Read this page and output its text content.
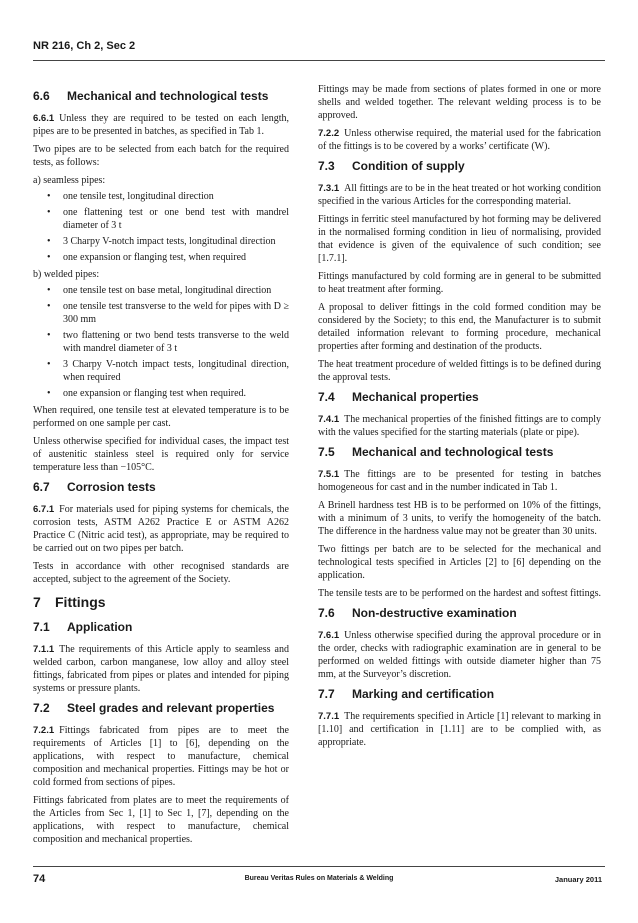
NR 216, Ch 2, Sec 2
6.6	Mechanical and technological tests

6.6.1 Unless they are required to be tested on each length, pipes are to be presented in batches, as specified in Tab 1.

Two pipes are to be selected from each batch for the required tests, as follows:

a) seamless pipes:
• one tensile test, longitudinal direction
• one flattening test or one bend test with mandrel diameter of 3 t
• 3 Charpy V-notch impact tests, longitudinal direction
• one expansion or flanging test, when required
b) welded pipes:
• one tensile test on base metal, longitudinal direction
• one tensile test transverse to the weld for pipes with D ≥ 300 mm
• two flattening or two bend tests transverse to the weld with mandrel diameter of 3 t
• 3 Charpy V-notch impact tests, longitudinal direction, when required
• one expansion or flanging test when required.

When required, one tensile test at elevated temperature is to be performed on one sample per cast.

Unless otherwise specified for individual cases, the impact test of austenitic stainless steel is required only for service temperature less than −105°C.

6.7	Corrosion tests

6.7.1 For materials used for piping systems for chemicals, the corrosion tests, ASTM A262 Practice E or ASTM A262 Practice C (Nitric acid test), as appropriate, may be required to be carried out on two pipes per batch.

Tests in accordance with other recognised standards are accepted, subject to the agreement of the Society.

7	Fittings
7.1	Application

7.1.1 The requirements of this Article apply to seamless and welded carbon, carbon manganese, low alloy and alloy steel fittings, fabricated from pipes or plates and intended for piping systems or pressure plants.

7.2	Steel grades and relevant properties

7.2.1 Fittings fabricated from pipes are to meet the requirements of Articles [1] to [6], depending on the applications, with respect to manufacture, chemical composition and mechanical properties. Fittings may be hot or cold formed from sections of pipes.

Fittings fabricated from plates are to meet the requirements of the Articles from Sec 1, [1] to Sec 1, [7], depending on the applications, with respect to manufacture, chemical composition and mechanical properties.

Fittings may be made from sections of plates formed in one or more shells and welded together. The relevant welding process is to be approved.

7.2.2 Unless otherwise required, the material used for the fabrication of the fittings is to be covered by a works’ certificate (W).

7.3	Condition of supply

7.3.1 All fittings are to be in the heat treated or hot working condition specified in the various Articles for the corresponding material.

Fittings in ferritic steel manufactured by hot forming may be delivered in the normalised forming condition in lieu of normalising, provided that evidence is given of the equivalence of such condition; see [1.7.1].

Fittings manufactured by cold forming are in general to be submitted to heat treatment after forming.

A proposal to deliver fittings in the cold formed condition may be considered by the Society; to this end, the Manufacturer is to submit detailed information relevant to forming procedure, mechanical properties after forming and destination of the products.

The heat treatment procedure of welded fittings is to be defined during the approval tests.

7.4	Mechanical properties

7.4.1 The mechanical properties of the finished fittings are to comply with the values specified for the starting materials (plate or pipe).

7.5	Mechanical and technological tests

7.5.1 The fittings are to be presented for testing in batches homogeneous for cast and in the number indicated in Tab 1.

A Brinell hardness test HB is to be performed on 10% of the fittings, with a minimum of 3 units, to verify the homogeneity of the batch. The difference in the hardness value may not be greater than 30 units.

Two fittings per batch are to be selected for the mechanical and technological tests specified in Articles [2] to [6] depending on the application.

The tensile tests are to be performed on the hardest and softest fittings.

7.6	Non-destructive examination

7.6.1 Unless otherwise specified during the approval procedure or in the order, checks with radiographic examination are in general to be performed on welded fittings with outside diameter higher than 75 mm, at the Surveyor’s discretion.

7.7	Marking and certification

7.7.1 The requirements specified in Article [1] relevant to marking in [1.10] and certification in [1.11] are to be complied with, as appropriate.

74	Bureau Veritas Rules on Materials & Welding	January 2011
